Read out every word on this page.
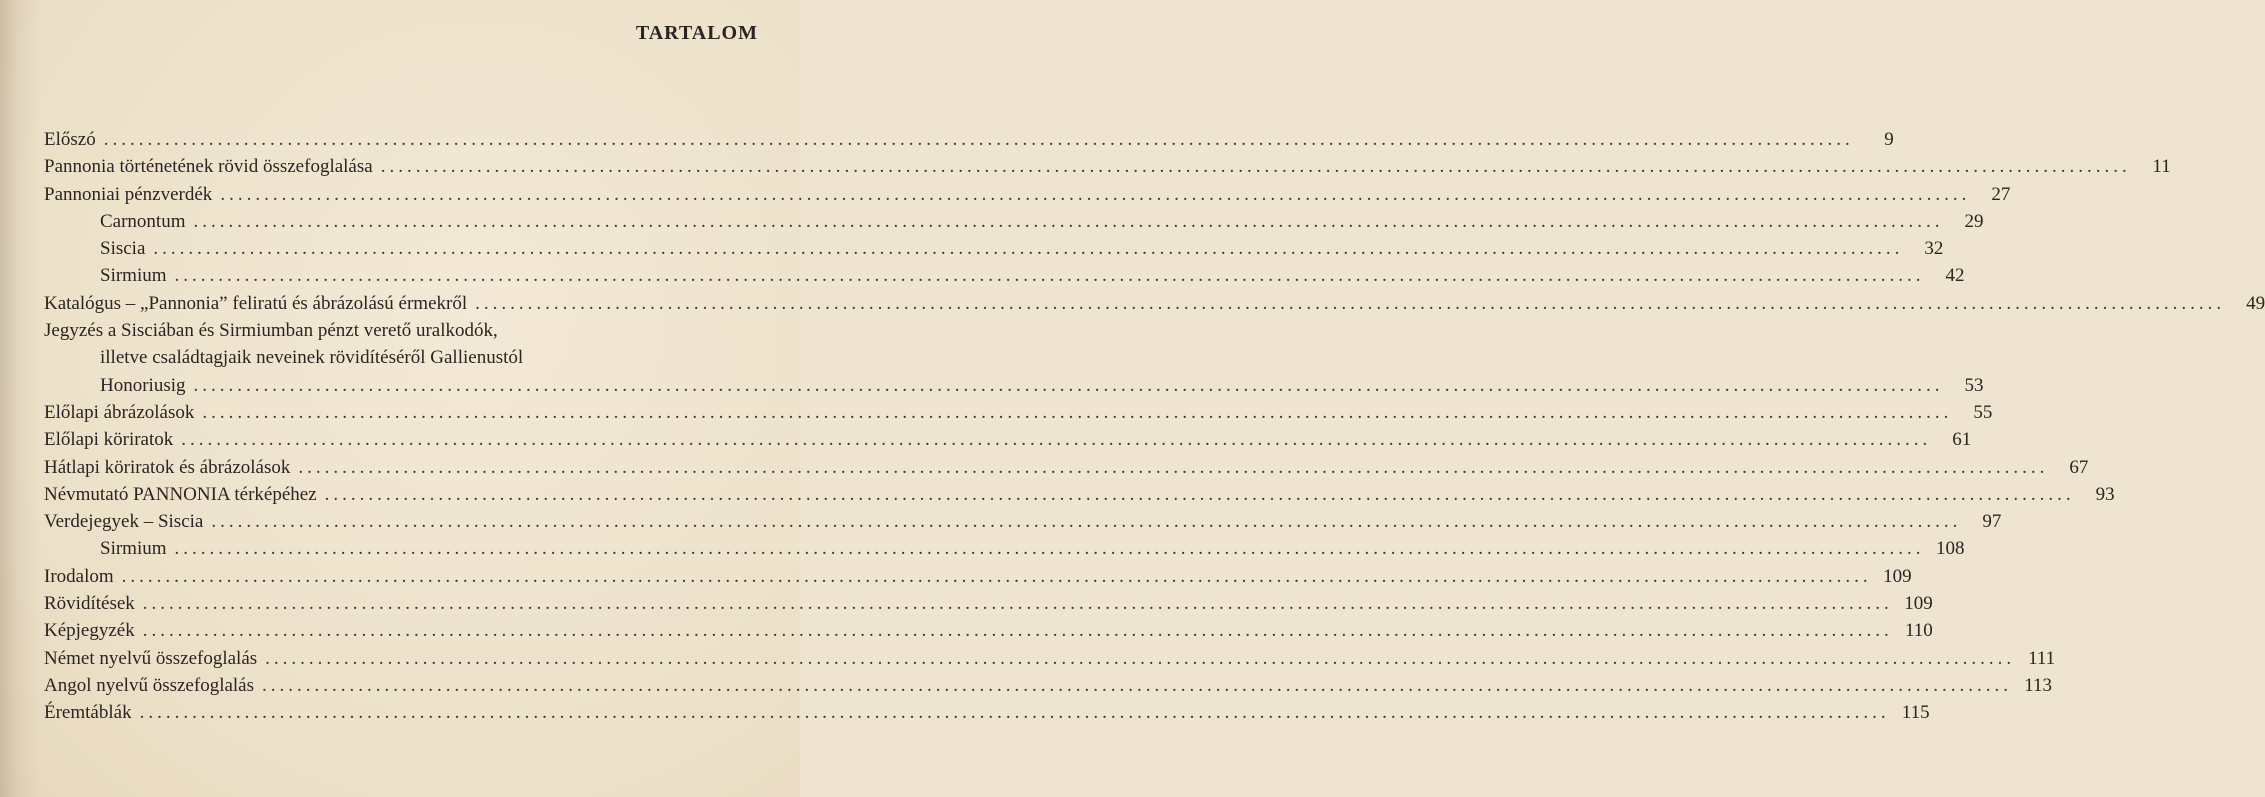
TARTALOM
Előszó ........................................................................................................................................................................................................	9
Pannonia történetének rövid összefoglalása ........................................................................................................................................................................................................	11
Pannoniai pénzverdék ........................................................................................................................................................................................................	27
Carnontum ........................................................................................................................................................................................................	29
Siscia ........................................................................................................................................................................................................	32
Sirmium ........................................................................................................................................................................................................	42
Katalógus – „Pannonia” feliratú és ábrázolású érmekről ........................................................................................................................................................................................................	49
Jegyzés a Sisciában és Sirmiumban pénzt verető uralkodók,
illetve családtagjaik neveinek rövidítéséről Gallienustól
Honoriusig ........................................................................................................................................................................................................	53
Előlapi ábrázolások ........................................................................................................................................................................................................	55
Előlapi köriratok ........................................................................................................................................................................................................	61
Hátlapi köriratok és ábrázolások ........................................................................................................................................................................................................	67
Névmutató PANNONIA térképéhez ........................................................................................................................................................................................................	93
Verdejegyek – Siscia ........................................................................................................................................................................................................	97
Sirmium ........................................................................................................................................................................................................ 108
Irodalom ........................................................................................................................................................................................................ 109
Rövidítések ........................................................................................................................................................................................................ 109
Képjegyzék ........................................................................................................................................................................................................ 110
Német nyelvű összefoglalás ........................................................................................................................................................................................................ 111
Angol nyelvű összefoglalás ........................................................................................................................................................................................................ 113
Éremtáblák ........................................................................................................................................................................................................ 115
